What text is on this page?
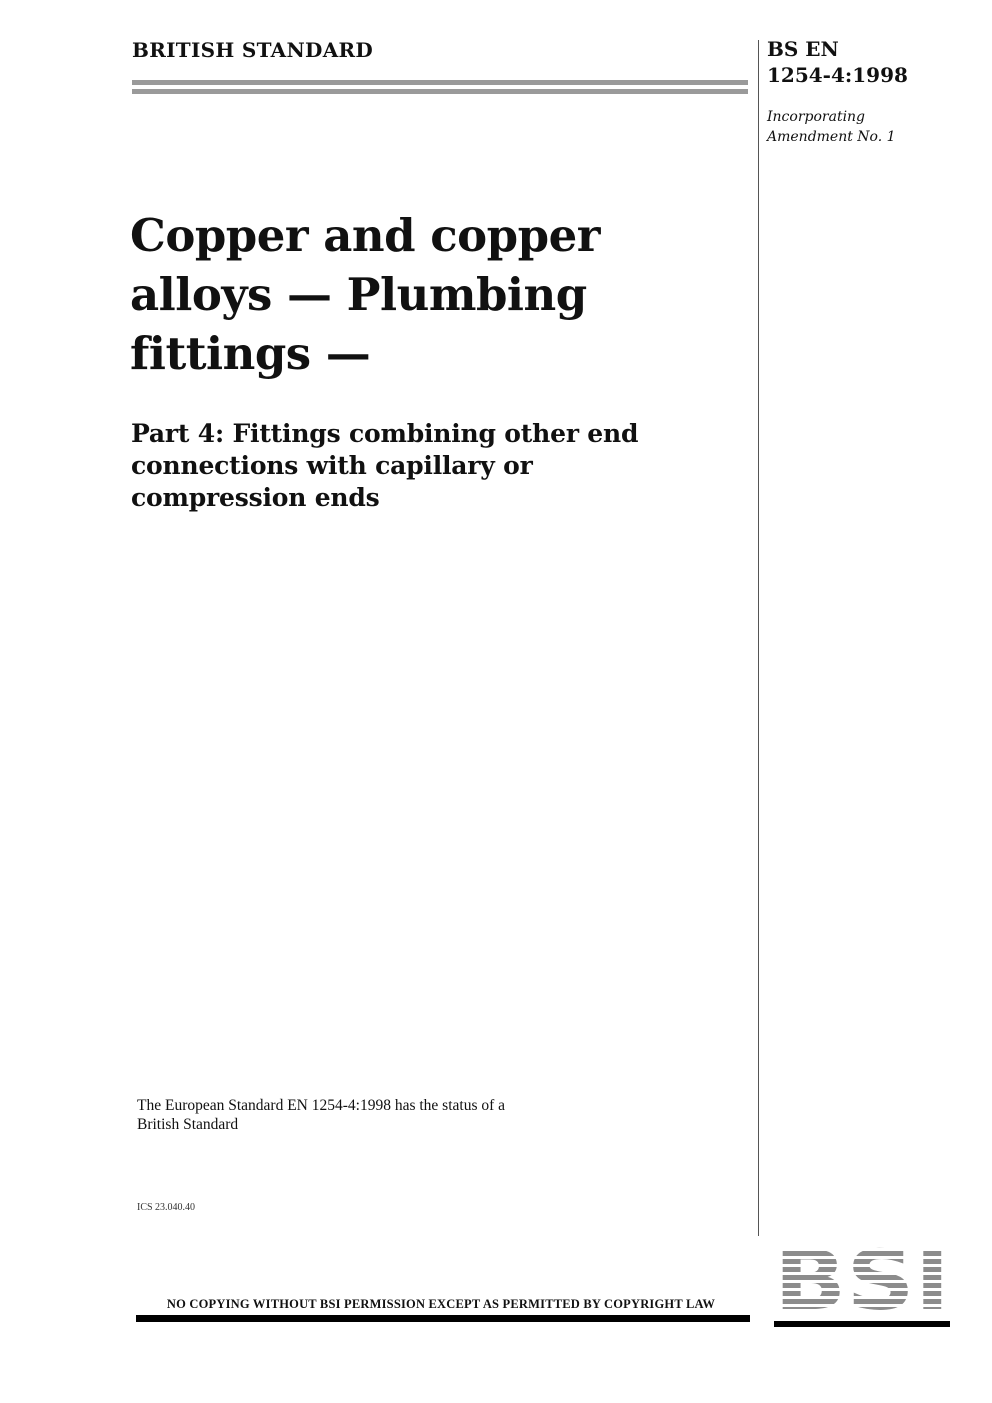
BRITISH STANDARD	BS EN
1254-4:1998
Incorporating
Amendment No. 1
Copper and copper
alloys — Plumbing
fittings —
Part 4: Fittings combining other end
connections with capillary or
compression ends
The European Standard EN 1254-4:1998 has the status of a
British Standard
ICS 23.040.40
NO COPYING WITHOUT BSI PERMISSION EXCEPT AS PERMITTED BY COPYRIGHT LAW
